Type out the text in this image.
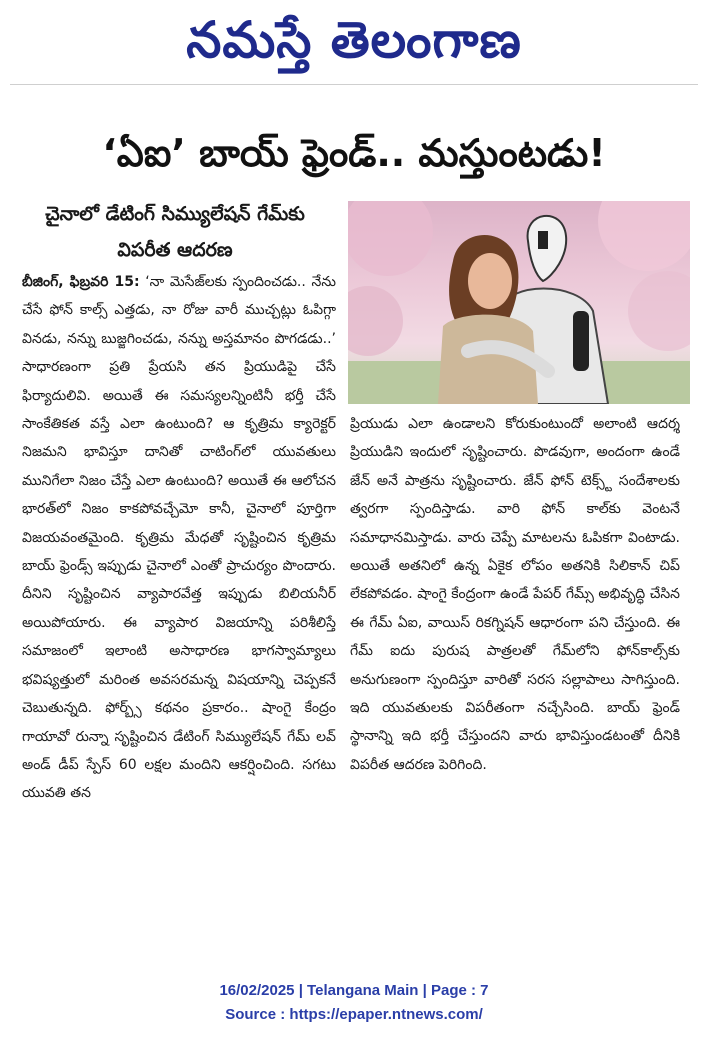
నమస్తే తెలంగాణ
‘ఏఐ’ బాయ్ ఫ్రెండ్.. మస్తుంటడు!
చైనాలో డేటింగ్ సిమ్యులేషన్ గేమ్‌కు విపరీత ఆదరణ
బీజింగ్, ఫిబ్రవరి 15: ‘నా మెసేజ్‌లకు స్పందించడు.. నేను చేసే ఫోన్ కాల్స్ ఎత్తడు, నా రోజు వారీ ముచ్చట్లు ఓపిగ్గా వినడు, నన్ను బుజ్జగించడు, నన్ను అస్తమానం పొగడడు..’ సాధారణంగా ప్రతి ప్రేయసి తన ప్రియుడిపై చేసే ఫిర్యాదులివి. అయితే ఈ సమస్యలన్నింటినీ భర్తీ చేసే సాంకేతికత వస్తే ఎలా ఉంటుంది? ఆ కృత్రిమ క్యారెక్టర్ నిజమని భావిస్తూ దానితో చాటింగ్‌లో యువతులు మునిగేలా నిజం చేస్తే ఎలా ఉంటుంది? అయితే ఈ ఆలోచన భారత్‌లో నిజం కాకపోవచ్చేమో కానీ, చైనాలో పూర్తిగా విజయవంతమైంది. కృత్రిమ మేధతో సృష్టించిన కృత్రిమ బాయ్ ఫ్రెండ్స్ ఇప్పుడు చైనాలో ఎంతో ప్రాచుర్యం పొందారు. దీనిని సృష్టించిన వ్యాపారవేత్త ఇప్పుడు బిలియనీర్ అయిపోయారు. ఈ వ్యాపార విజయాన్ని పరిశీలిస్తే సమాజంలో ఇలాంటి అసాధారణ భాగస్వామ్యాలు భవిష్యత్తులో మరింత అవసరమన్న విషయాన్ని చెప్పకనే చెబుతున్నది. ఫోర్బ్స్ కథనం ప్రకారం.. షాంగై కేంద్రం గాయావో రున్నా సృష్టించిన డేటింగ్ సిమ్యులేషన్ గేమ్ లవ్ అండ్ డీప్ స్పేస్ 60 లక్షల మందిని ఆకర్షించింది. సగటు యువతి తన
ప్రియుడు ఎలా ఉండాలని కోరుకుంటుందో అలాంటి ఆదర్శ ప్రియుడిని ఇందులో సృష్టించారు. పొడవుగా, అందంగా ఉండే జేన్ అనే పాత్రను సృష్టించారు. జేన్ ఫోన్ టెక్స్ట్ సందేశాలకు త్వరగా స్పందిస్తాడు. వారి ఫోన్ కాల్‌కు వెంటనే సమాధానమిస్తాడు. వారు చెప్పే మాటలను ఓపికగా వింటాడు. అయితే అతనిలో ఉన్న ఏకైక లోపం అతనికి సిలికాన్ చిప్ లేకపోవడం. షాంగై కేంద్రంగా ఉండే పేపర్ గేమ్స్ అభివృద్ధి చేసిన ఈ గేమ్ ఏఐ, వాయిస్ రికగ్నిషన్ ఆధారంగా పని చేస్తుంది. ఈ గేమ్ ఐదు పురుష పాత్రలతో గేమ్‌లోని ఫోన్‌కాల్స్‌కు అనుగుణంగా స్పందిస్తూ వారితో సరస సల్లాపాలు సాగిస్తుంది. ఇది యువతులకు విపరీతంగా నచ్చేసింది. బాయ్ ఫ్రెండ్ స్థానాన్ని ఇది భర్తీ చేస్తుందని వారు భావిస్తుండటంతో దీనికి విపరీత ఆదరణ పెరిగింది.
16/02/2025 | Telangana Main | Page : 7
Source : https://epaper.ntnews.com/
